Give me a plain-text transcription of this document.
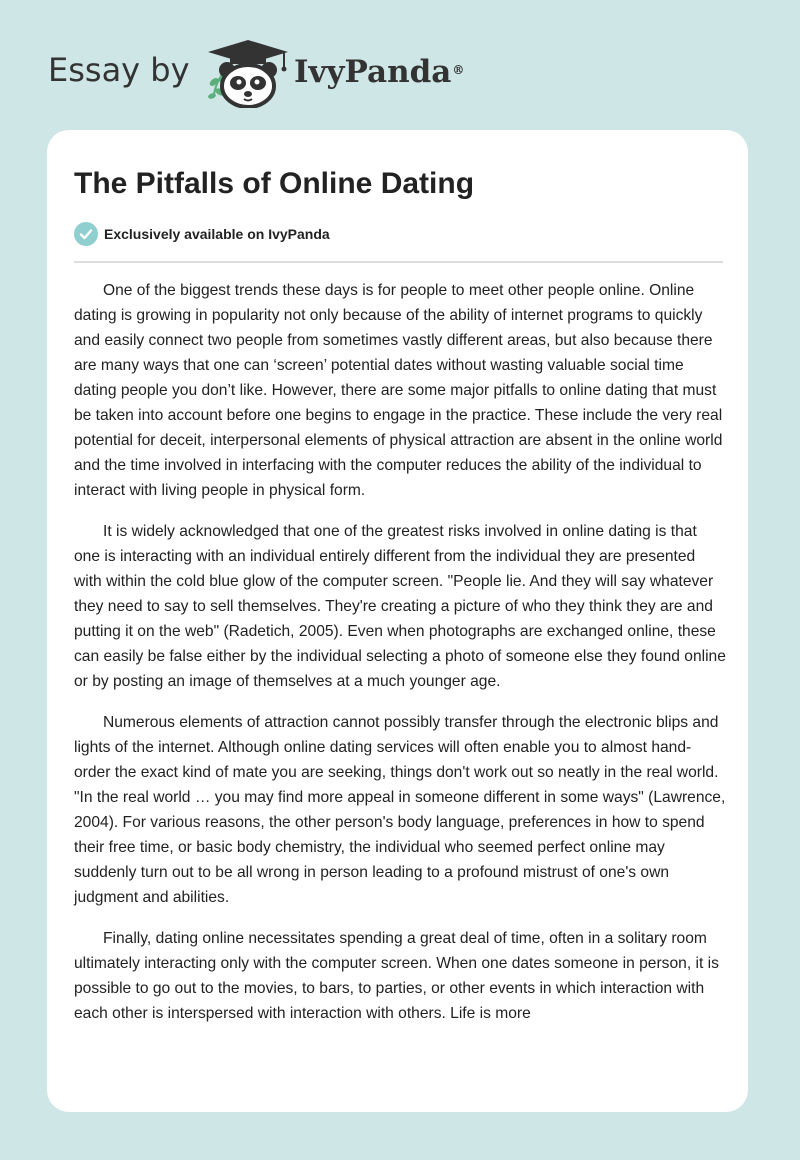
Essay by	IvyPanda®
The Pitfalls of Online Dating
Exclusively available on IvyPanda

One of the biggest trends these days is for people to meet other people online. Online dating is growing in popularity not only because of the ability of internet programs to quickly and easily connect two people from sometimes vastly different areas, but also because there are many ways that one can ‘screen’ potential dates without wasting valuable social time dating people you don’t like. However, there are some major pitfalls to online dating that must be taken into account before one begins to engage in the practice. These include the very real potential for deceit, interpersonal elements of physical attraction are absent in the online world and the time involved in interfacing with the computer reduces the ability of the individual to interact with living people in physical form.

It is widely acknowledged that one of the greatest risks involved in online dating is that one is interacting with an individual entirely different from the individual they are presented with within the cold blue glow of the computer screen. "People lie. And they will say whatever they need to say to sell themselves. They're creating a picture of who they think they are and putting it on the web" (Radetich, 2005). Even when photographs are exchanged online, these can easily be false either by the individual selecting a photo of someone else they found online or by posting an image of themselves at a much younger age.

Numerous elements of attraction cannot possibly transfer through the electronic blips and lights of the internet. Although online dating services will often enable you to almost hand-order the exact kind of mate you are seeking, things don't work out so neatly in the real world. "In the real world … you may find more appeal in someone different in some ways" (Lawrence, 2004). For various reasons, the other person's body language, preferences in how to spend their free time, or basic body chemistry, the individual who seemed perfect online may suddenly turn out to be all wrong in person leading to a profound mistrust of one's own judgment and abilities.

Finally, dating online necessitates spending a great deal of time, often in a solitary room ultimately interacting only with the computer screen. When one dates someone in person, it is possible to go out to the movies, to bars, to parties, or other events in which interaction with each other is interspersed with interaction with others. Life is more
